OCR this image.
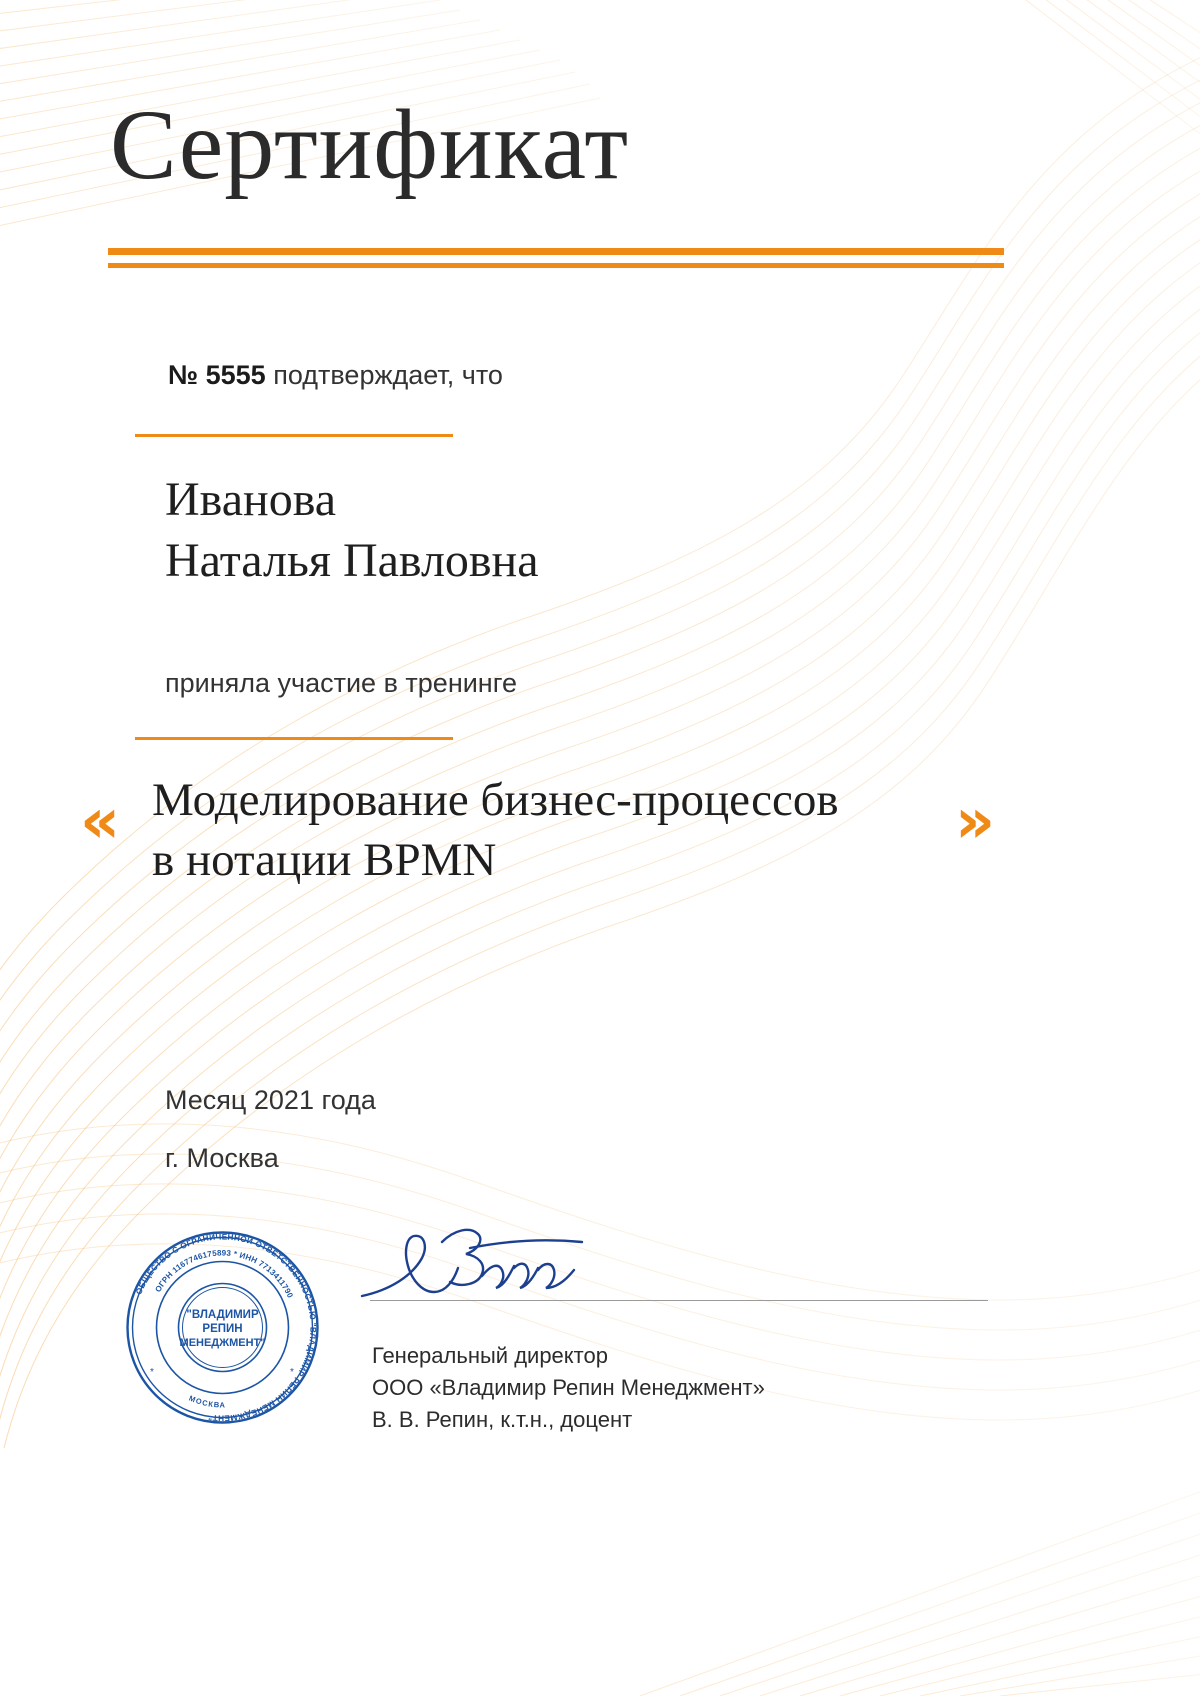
Сертификат
№ 5555 подтверждает, что
Иванова
Наталья Павловна
приняла участие в тренинге
«	»
Моделирование бизнес-процессов в нотации BPMN
Месяц 2021 года
г. Москва
Генеральный директор
ООО «Владимир Репин Менеджмент»
В. В. Репин, к.т.н., доцент
ОБЩЕСТВО С ОГРАНИЧЕННОЙ ОТВЕТСТВЕННОСТЬЮ "ВЛАДИМИР РЕПИН МЕНЕДЖМЕНТ"
ОГРН 1167746175893 * ИНН 7713411790
МОСКВА
"ВЛАДИМИР
РЕПИН
МЕНЕДЖМЕНТ"
*	*
